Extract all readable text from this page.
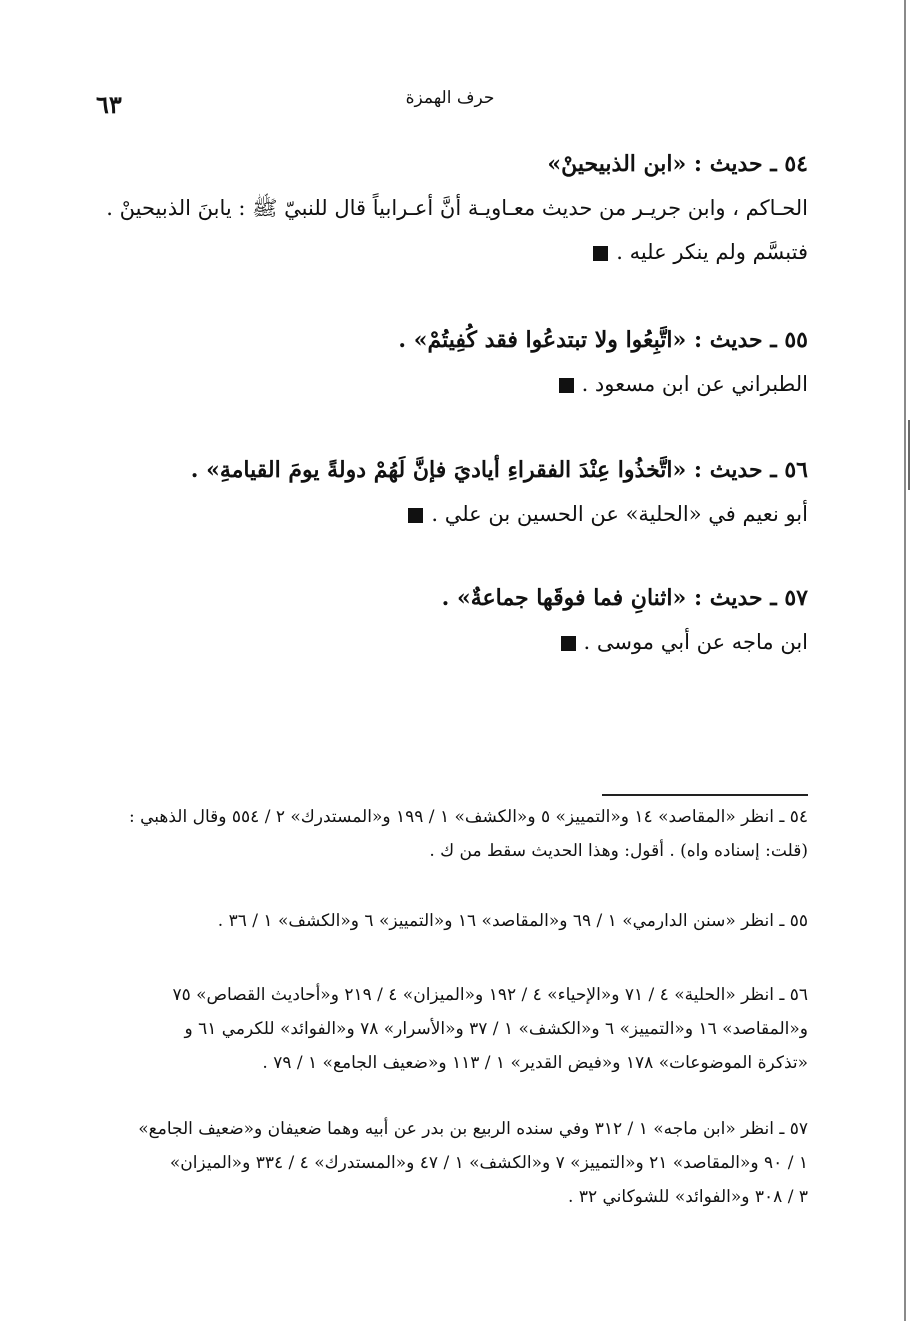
حرف الهمزة
٦٣
٥٤ ـ حديث : «ابن الذبيحينْ»
الحـاكم ، وابن جريـر من حديث معـاويـة أنَّ أعـرابياً قال للنبيّ ﷺ : يابنَ الذبيحينْ .
فتبسَّم ولم ينكر عليه .
٥٥ ـ حديث : «اتَّبِعُوا ولا تبتدعُوا فقد كُفِيتُمْ» .
الطبراني عن ابن مسعود .
٥٦ ـ حديث : «اتَّخذُوا عِنْدَ الفقراءِ أياديَ فإنَّ لَهُمْ دولةً يومَ القيامةِ» .
أبو نعيم في «الحلية» عن الحسين بن علي .
٥٧ ـ حديث : «اثنانِ فما فوقَها جماعةٌ» .
ابن ماجه عن أبي موسى .
٥٤ ـ انظر «المقاصد» ١٤ و«التمييز» ٥ و«الكشف» ١ / ١٩٩ و«المستدرك» ٢ / ٥٥٤ وقال الذهبي :
(قلت: إسناده واه) . أقول: وهذا الحديث سقط من ك .
٥٥ ـ انظر «سنن الدارمي» ١ / ٦٩ و«المقاصد» ١٦ و«التمييز» ٦ و«الكشف» ١ / ٣٦ .
٥٦ ـ انظر «الحلية» ٤ / ٧١ و«الإحياء» ٤ / ١٩٢ و«الميزان» ٤ / ٢١٩ و«أحاديث القصاص» ٧٥
و«المقاصد» ١٦ و«التمييز» ٦ و«الكشف» ١ / ٣٧ و«الأسرار» ٧٨ و«الفوائد» للكرمي ٦١ و
«تذكرة الموضوعات» ١٧٨ و«فيض القدير» ١ / ١١٣ و«ضعيف الجامع» ١ / ٧٩ .
٥٧ ـ انظر «ابن ماجه» ١ / ٣١٢ وفي سنده الربيع بن بدر عن أبيه وهما ضعيفان و«ضعيف الجامع»
١ / ٩٠ و«المقاصد» ٢١ و«التمييز» ٧ و«الكشف» ١ / ٤٧ و«المستدرك» ٤ / ٣٣٤ و«الميزان»
٣ / ٣٠٨ و«الفوائد» للشوكاني ٣٢ .
